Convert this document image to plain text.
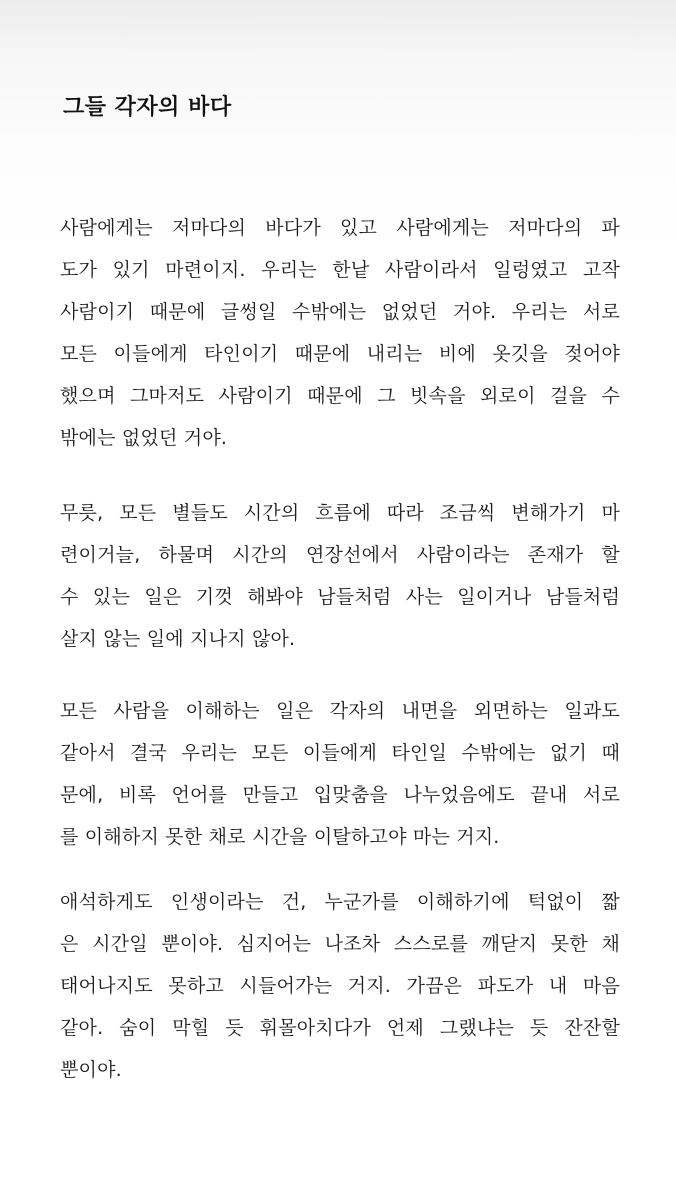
그들 각자의 바다
사람에게는 저마다의 바다가 있고 사람에게는 저마다의 파
도가 있기 마련이지. 우리는 한낱 사람이라서 일렁였고 고작
사람이기 때문에 글썽일 수밖에는 없었던 거야. 우리는 서로
모든 이들에게 타인이기 때문에 내리는 비에 옷깃을 젖어야
했으며 그마저도 사람이기 때문에 그 빗속을 외로이 걸을 수
밖에는 없었던 거야.
무릇, 모든 별들도 시간의 흐름에 따라 조금씩 변해가기 마
련이거늘, 하물며 시간의 연장선에서 사람이라는 존재가 할
수 있는 일은 기껏 해봐야 남들처럼 사는 일이거나 남들처럼
살지 않는 일에 지나지 않아.
모든 사람을 이해하는 일은 각자의 내면을 외면하는 일과도
같아서 결국 우리는 모든 이들에게 타인일 수밖에는 없기 때
문에, 비록 언어를 만들고 입맞춤을 나누었음에도 끝내 서로
를 이해하지 못한 채로 시간을 이탈하고야 마는 거지.
애석하게도 인생이라는 건, 누군가를 이해하기에 턱없이 짧
은 시간일 뿐이야. 심지어는 나조차 스스로를 깨닫지 못한 채
태어나지도 못하고 시들어가는 거지. 가끔은 파도가 내 마음
같아. 숨이 막힐 듯 휘몰아치다가 언제 그랬냐는 듯 잔잔할
뿐이야.
